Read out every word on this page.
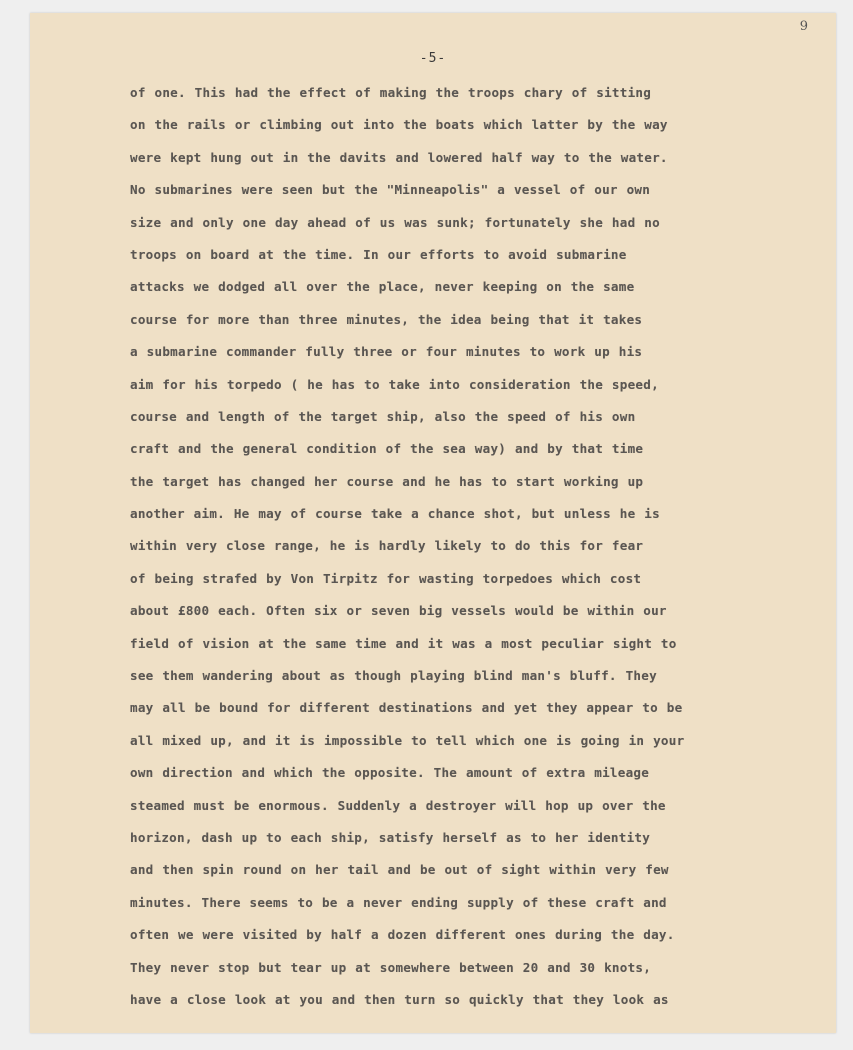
9
-5-
of one. This had the effect of making the troops chary of sitting
on the rails or climbing out into the boats which latter by the way
were kept hung out in the davits and lowered half way to the water.
No submarines were seen but the "Minneapolis" a vessel of our own
size and only one day ahead of us was sunk; fortunately she had no
troops on board at the time. In our efforts to avoid submarine
attacks we dodged all over the place, never keeping on the same
course for more than three minutes, the idea being that it takes
a submarine commander fully three or four minutes to work up his
aim for his torpedo ( he has to take into consideration the speed,
course and length of the target ship, also the speed of his own
craft and the general condition of the sea way) and by that time
the target has changed her course and he has to start working up
another aim. He may of course take a chance shot, but unless he is
within very close range, he is hardly likely to do this for fear
of being strafed by Von Tirpitz for wasting torpedoes which cost
about £800 each. Often six or seven big vessels would be within our
field of vision at the same time and it was a most peculiar sight to
see them wandering about as though playing blind man's bluff. They
may all be bound for different destinations and yet they appear to be
all mixed up, and it is impossible to tell which one is going in your
own direction and which the opposite. The amount of extra mileage
steamed must be enormous. Suddenly a destroyer will hop up over the
horizon, dash up to each ship, satisfy herself as to her identity
and then spin round on her tail and be out of sight within very few
minutes. There seems to be a never ending supply of these craft and
often we were visited by half a dozen different ones during the day.
They never stop but tear up at somewhere between 20 and 30 knots,
have a close look at you and then turn so quickly that they look as
